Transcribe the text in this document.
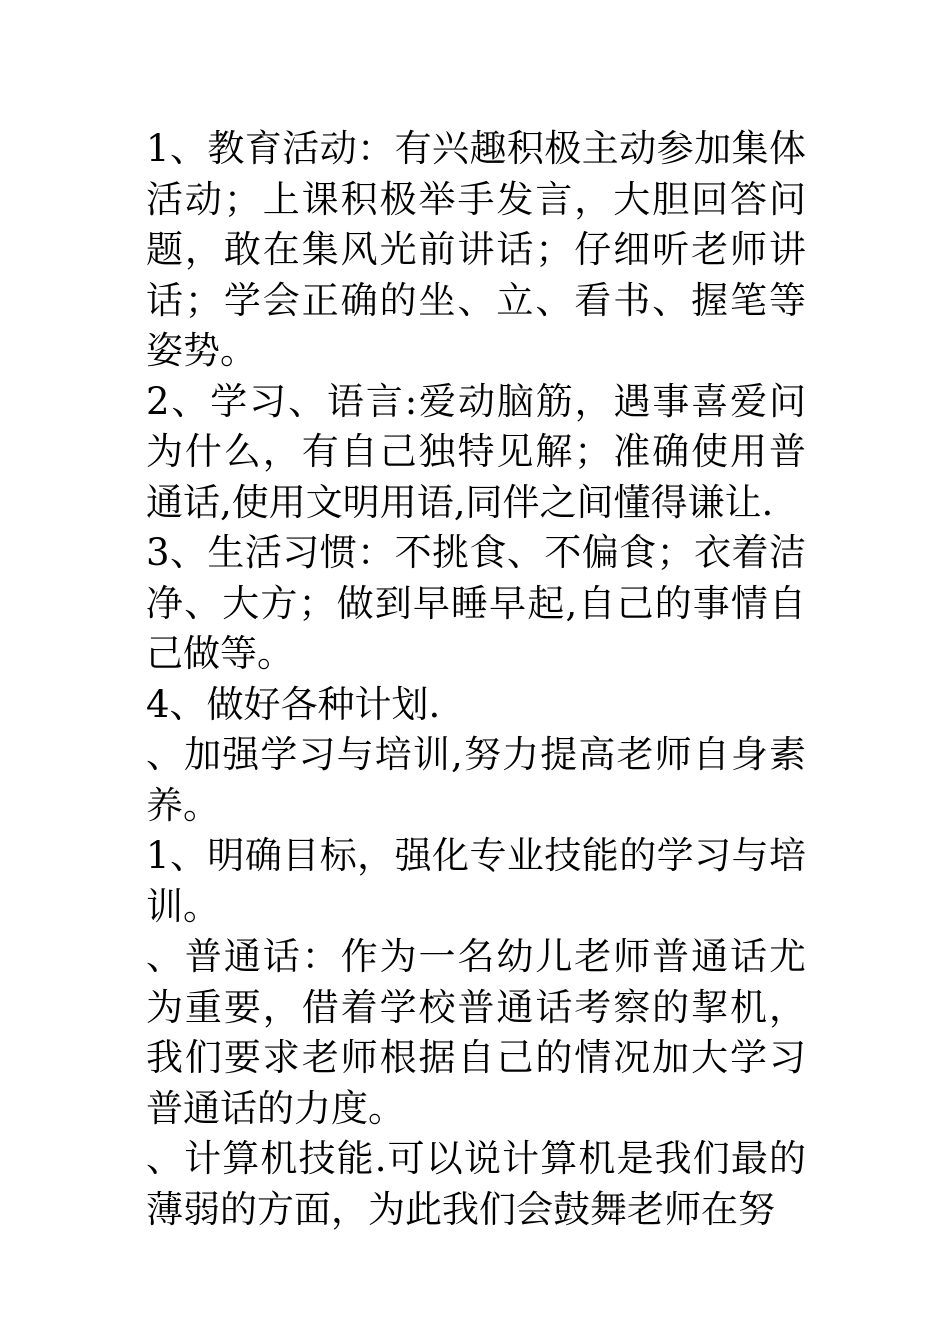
1、教育活动：有兴趣积极主动参加集体活动；上课积极举手发言，大胆回答问题，敢在集风光前讲话；仔细听老师讲话；学会正确的坐、立、看书、握笔等姿势。

2、学习、语言:爱动脑筋，遇事喜爱问为什么，有自己独特见解；准确使用普通话,使用文明用语,同伴之间懂得谦让.

3、生活习惯：不挑食、不偏食；衣着洁净、大方；做到早睡早起,自己的事情自己做等。

4、做好各种计划.

、加强学习与培训,努力提高老师自身素养。

1、明确目标，强化专业技能的学习与培训。

、普通话：作为一名幼儿老师普通话尤为重要，借着学校普通话考察的挈机，我们要求老师根据自己的情况加大学习普通话的力度。

、计算机技能.可以说计算机是我们最的薄弱的方面，为此我们会鼓舞老师在努
